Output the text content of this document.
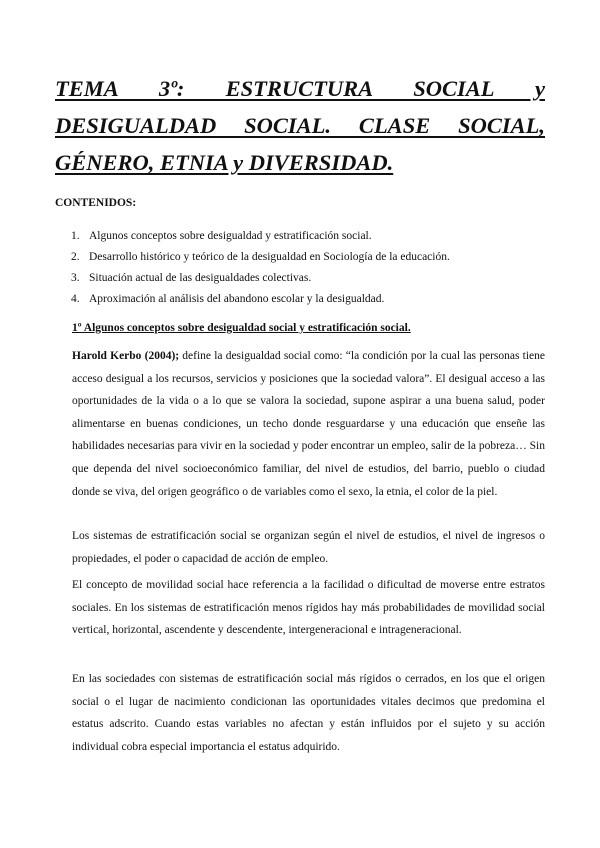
TEMA 3º: ESTRUCTURA SOCIAL y DESIGUALDAD SOCIAL. CLASE SOCIAL, GÉNERO, ETNIA y DIVERSIDAD.

CONTENIDOS:

1. Algunos conceptos sobre desigualdad y estratificación social.
2. Desarrollo histórico y teórico de la desigualdad en Sociología de la educación.
3. Situación actual de las desigualdades colectivas.
4. Aproximación al análisis del abandono escolar y la desigualdad.

1º Algunos conceptos sobre desigualdad social y estratificación social.

Harold Kerbo (2004); define la desigualdad social como: “la condición por la cual las personas tiene acceso desigual a los recursos, servicios y posiciones que la sociedad valora”. El desigual acceso a las oportunidades de la vida o a lo que se valora la sociedad, supone aspirar a una buena salud, poder alimentarse en buenas condiciones, un techo donde resguardarse y una educación que enseñe las habilidades necesarias para vivir en la sociedad y poder encontrar un empleo, salir de la pobreza… Sin que dependa del nivel socioeconómico familiar, del nivel de estudios, del barrio, pueblo o ciudad donde se viva, del origen geográfico o de variables como el sexo, la etnia, el color de la piel.

Los sistemas de estratificación social se organizan según el nivel de estudios, el nivel de ingresos o propiedades, el poder o capacidad de acción de empleo.

El concepto de movilidad social hace referencia a la facilidad o dificultad de moverse entre estratos sociales. En los sistemas de estratificación menos rígidos hay más probabilidades de movilidad social vertical, horizontal, ascendente y descendente, intergeneracional e intrageneracional.

En las sociedades con sistemas de estratificación social más rígidos o cerrados, en los que el origen social o el lugar de nacimiento condicionan las oportunidades vitales decimos que predomina el estatus adscrito. Cuando estas variables no afectan y están influidos por el sujeto y su acción individual cobra especial importancia el estatus adquirido.
